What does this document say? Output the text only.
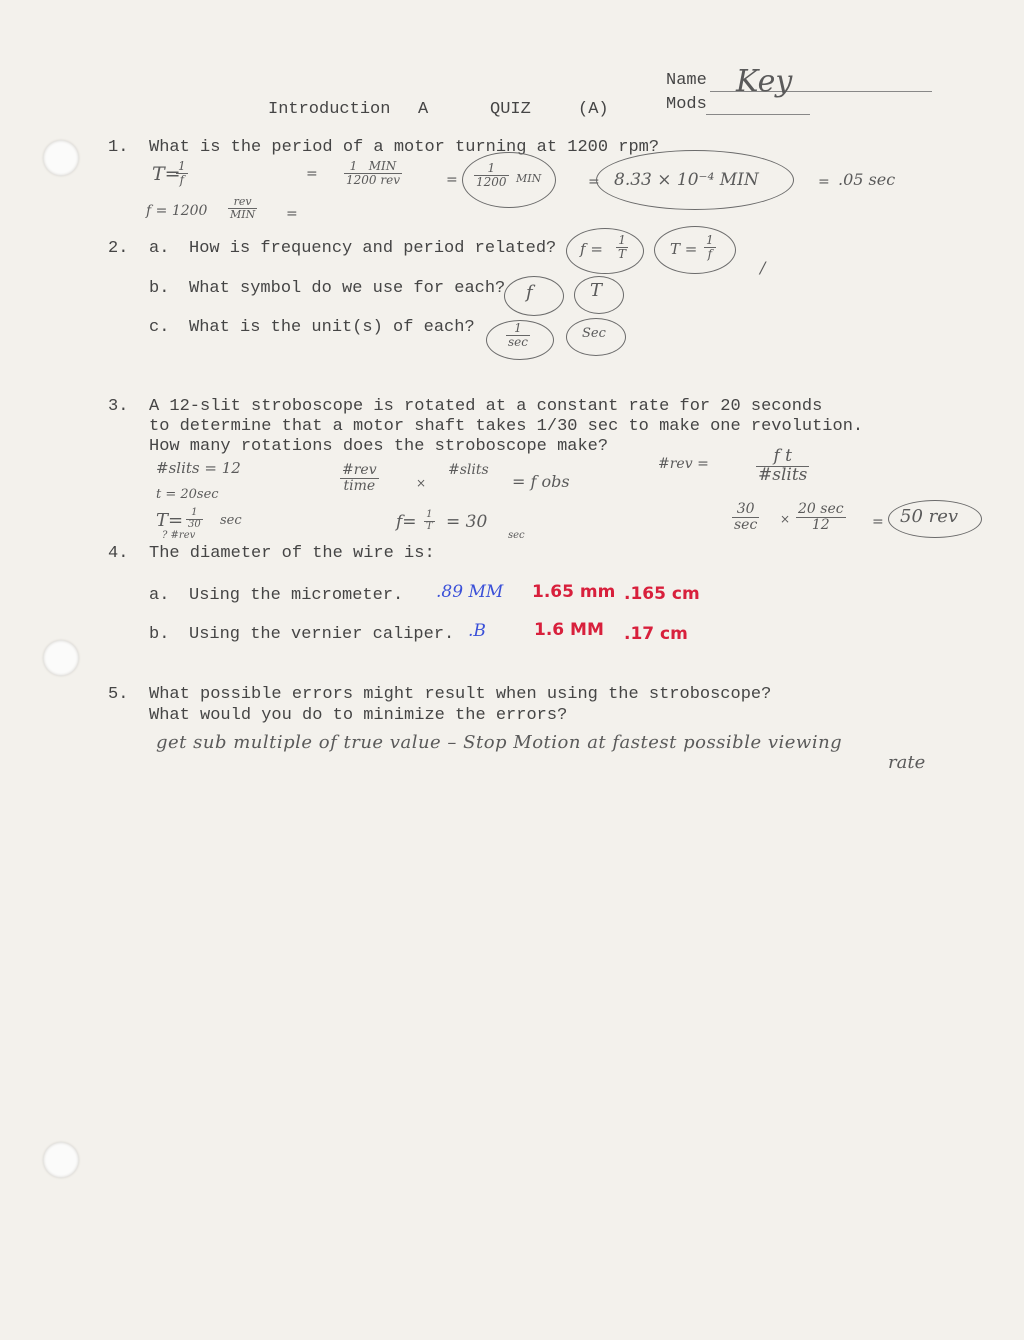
Name Key
Mods
Introduction A	QUIZ	(A)
1. What is the period of a motor turning at 1200 rpm?
T=
$\frac{1}{f}$	=	1 MIN
1200 rev	= $\frac{1}{1200}$ MIN	= 8.33 × 10⁻⁴ MIN	= .05 sec
f = 1200
rev
MIN =
2. a. How is frequency and period related? $f = \frac{1}{T}$	$T = \frac{1}{f}$
/
b. What symbol do we use for each? f	T
c. What is the unit(s) of each?	1
sec
Sec
3. A 12-slit stroboscope is rotated at a constant rate for 20 seconds
to determine that a motor shaft takes 1/30 sec to make one revolution.
How many rotations does the stroboscope make?
#slits = 12
t = 20sec
$T= \frac{1}{30}$ sec
? #rev
#rev
time	×
#slits
= f obs
$f= \frac{1}{T} = 30$
sec
#rev =	f t
#slits
30
sec ×
20 sec
12	= 50 rev
4. The diameter of the wire is:
a. Using the micrometer. .89 MM 1.65 mm .165 cm
b. Using the vernier caliper. .B	1.6 MM .17 cm
5. What possible errors might result when using the stroboscope?
What would you do to minimize the errors?
get sub multiple of true value – Stop Motion at fastest possible viewing
rate
